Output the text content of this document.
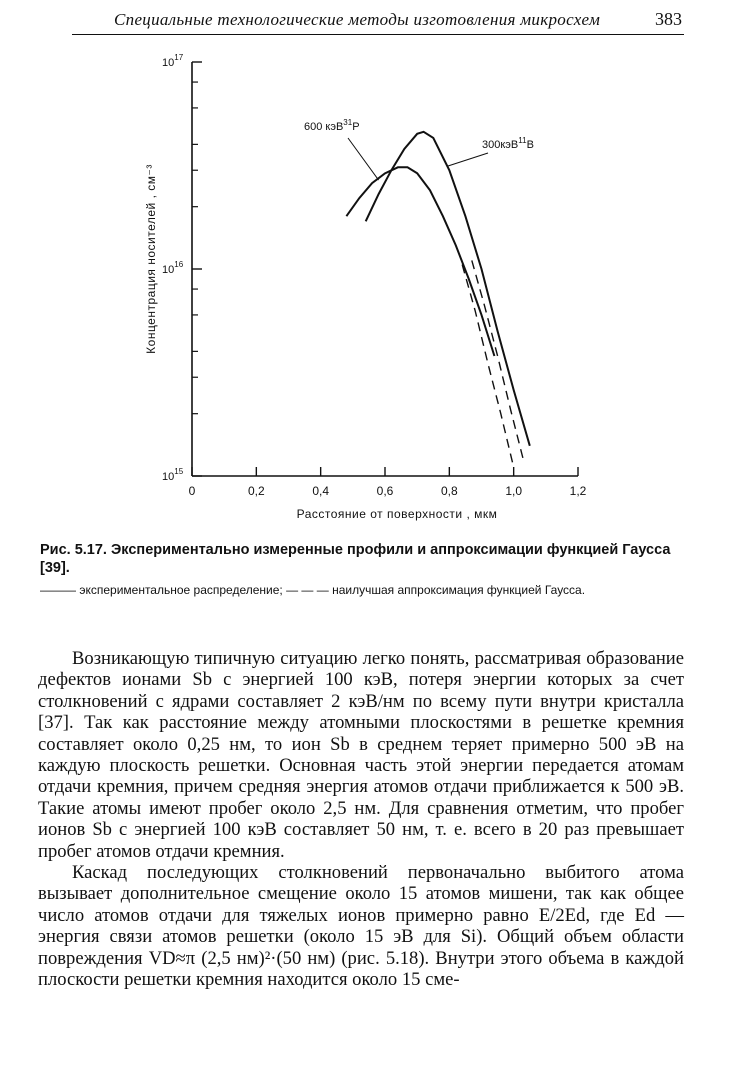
Специальные технологические методы изготовления микросхем	383
0	0,2	0,4	0,6	0,8	1,0	1,2
$10^{17}$
$10^{16}$
$10^{15}$
600 кэВ$^{31}$P
300кэВ$^{11}$B
Расстояние от поверхности , мкм
Концентрация носителей , см⁻³
Рис. 5.17. Экспериментально измеренные профили и аппроксимации функцией Гаусса [39].
——— экспериментальное распределение; — — — наилучшая аппроксимация функцией Гаусса.

Возникающую типичную ситуацию легко понять, рассматривая образование дефектов ионами Sb с энергией 100 кэВ, потеря энергии которых за счет столкновений с ядрами составляет 2 кэВ/нм по всему пути внутри кристалла [37]. Так как расстояние между атомными плоскостями в решетке кремния составляет около 0,25 нм, то ион Sb в среднем теряет примерно 500 эВ на каждую плоскость решетки. Основная часть этой энергии передается атомам отдачи кремния, причем средняя энергия атомов отдачи приближается к 500 эВ. Такие атомы имеют пробег около 2,5 нм. Для сравнения отметим, что пробег ионов Sb с энергией 100 кэВ составляет 50 нм, т. е. всего в 20 раз превышает пробег атомов отдачи кремния.

Каскад последующих столкновений первоначально выбитого атома вызывает дополнительное смещение около 15 атомов мишени, так как общее число атомов отдачи для тяжелых ионов примерно равно E/2Ed, где Ed — энергия связи атомов решетки (около 15 эВ для Si). Общий объем области повреждения VD≈π (2,5 нм)²·(50 нм) (рис. 5.18). Внутри этого объема в каждой плоскости решетки кремния находится около 15 сме-
